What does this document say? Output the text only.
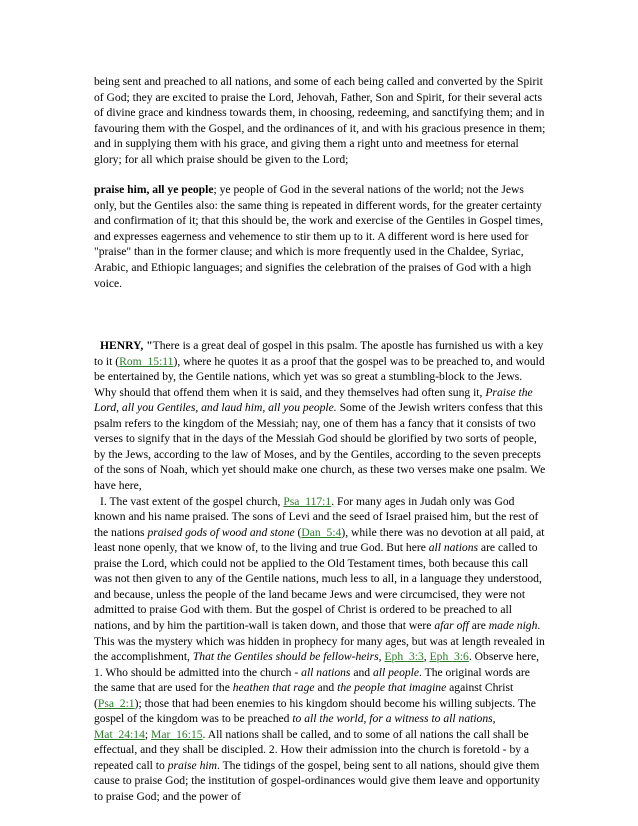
being sent and preached to all nations, and some of each being called and converted by the Spirit of God; they are excited to praise the Lord, Jehovah, Father, Son and Spirit, for their several acts of divine grace and kindness towards them, in choosing, redeeming, and sanctifying them; and in favouring them with the Gospel, and the ordinances of it, and with his gracious presence in them; and in supplying them with his grace, and giving them a right unto and meetness for eternal glory; for all which praise should be given to the Lord;

praise him, all ye people; ye people of God in the several nations of the world; not the Jews only, but the Gentiles also: the same thing is repeated in different words, for the greater certainty and confirmation of it; that this should be, the work and exercise of the Gentiles in Gospel times, and expresses eagerness and vehemence to stir them up to it. A different word is here used for "praise" than in the former clause; and which is more frequently used in the Chaldee, Syriac, Arabic, and Ethiopic languages; and signifies the celebration of the praises of God with a high voice.

HENRY, "There is a great deal of gospel in this psalm. The apostle has furnished us with a key to it (Rom_15:11), where he quotes it as a proof that the gospel was to be preached to, and would be entertained by, the Gentile nations, which yet was so great a stumbling-block to the Jews. Why should that offend them when it is said, and they themselves had often sung it, Praise the Lord, all you Gentiles, and laud him, all you people. Some of the Jewish writers confess that this psalm refers to the kingdom of the Messiah; nay, one of them has a fancy that it consists of two verses to signify that in the days of the Messiah God should be glorified by two sorts of people, by the Jews, according to the law of Moses, and by the Gentiles, according to the seven precepts of the sons of Noah, which yet should make one church, as these two verses make one psalm. We have here,

I. The vast extent of the gospel church, Psa_117:1. For many ages in Judah only was God known and his name praised. The sons of Levi and the seed of Israel praised him, but the rest of the nations praised gods of wood and stone (Dan_5:4), while there was no devotion at all paid, at least none openly, that we know of, to the living and true God. But here all nations are called to praise the Lord, which could not be applied to the Old Testament times, both because this call was not then given to any of the Gentile nations, much less to all, in a language they understood, and because, unless the people of the land became Jews and were circumcised, they were not admitted to praise God with them. But the gospel of Christ is ordered to be preached to all nations, and by him the partition-wall is taken down, and those that were afar off are made nigh. This was the mystery which was hidden in prophecy for many ages, but was at length revealed in the accomplishment, That the Gentiles should be fellow-heirs, Eph_3:3, Eph_3:6. Observe here, 1. Who should be admitted into the church - all nations and all people. The original words are the same that are used for the heathen that rage and the people that imagine against Christ (Psa_2:1); those that had been enemies to his kingdom should become his willing subjects. The gospel of the kingdom was to be preached to all the world, for a witness to all nations, Mat_24:14; Mar_16:15. All nations shall be called, and to some of all nations the call shall be effectual, and they shall be discipled. 2. How their admission into the church is foretold - by a repeated call to praise him. The tidings of the gospel, being sent to all nations, should give them cause to praise God; the institution of gospel-ordinances would give them leave and opportunity to praise God; and the power of
